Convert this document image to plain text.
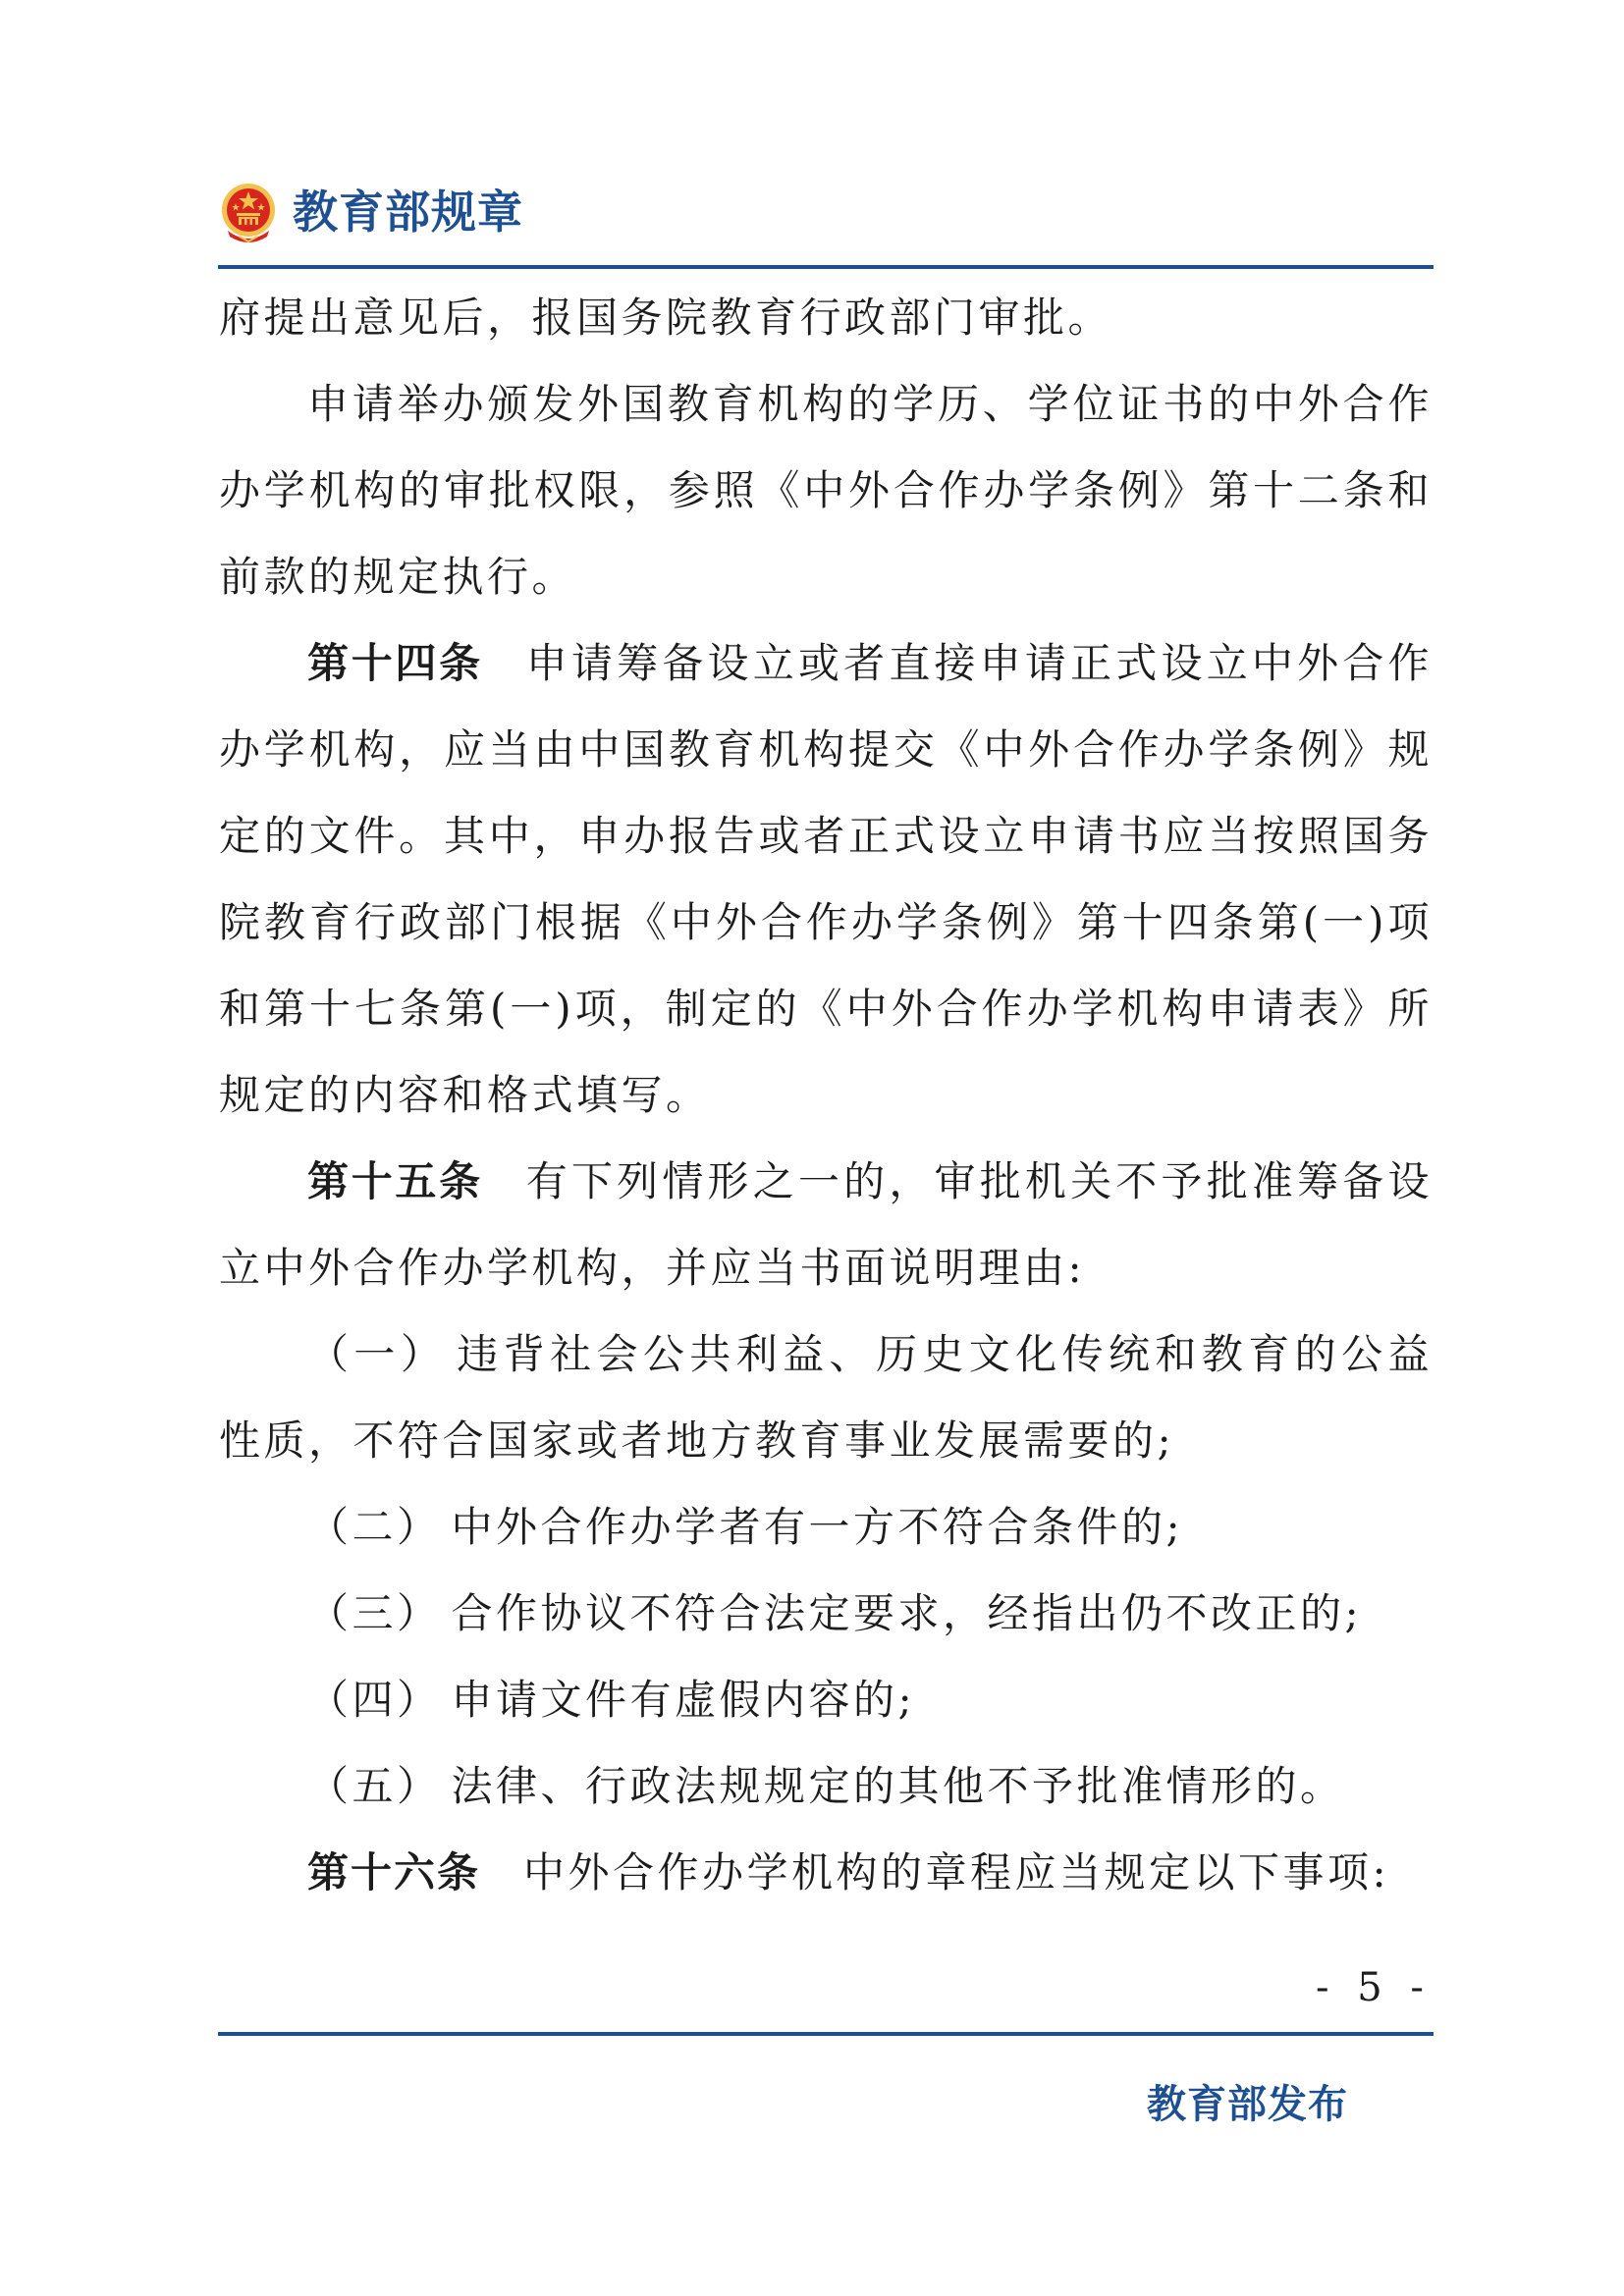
教育部规章

府提出意见后，报国务院教育行政部门审批。

申请举办颁发外国教育机构的学历、学位证书的中外合作办学机构的审批权限，参照《中外合作办学条例》第十二条和前款的规定执行。

第十四条 申请筹备设立或者直接申请正式设立中外合作办学机构，应当由中国教育机构提交《中外合作办学条例》规定的文件。其中，申办报告或者正式设立申请书应当按照国务院教育行政部门根据《中外合作办学条例》第十四条第(一)项和第十七条第(一)项，制定的《中外合作办学机构申请表》所规定的内容和格式填写。

第十五条 有下列情形之一的，审批机关不予批准筹备设立中外合作办学机构，并应当书面说明理由:

（一） 违背社会公共利益、历史文化传统和教育的公益性质，不符合国家或者地方教育事业发展需要的;

（二） 中外合作办学者有一方不符合条件的;

（三） 合作协议不符合法定要求，经指出仍不改正的;

（四） 申请文件有虚假内容的;

（五） 法律、行政法规规定的其他不予批准情形的。

第十六条 中外合作办学机构的章程应当规定以下事项:

- 5 -
教育部发布
